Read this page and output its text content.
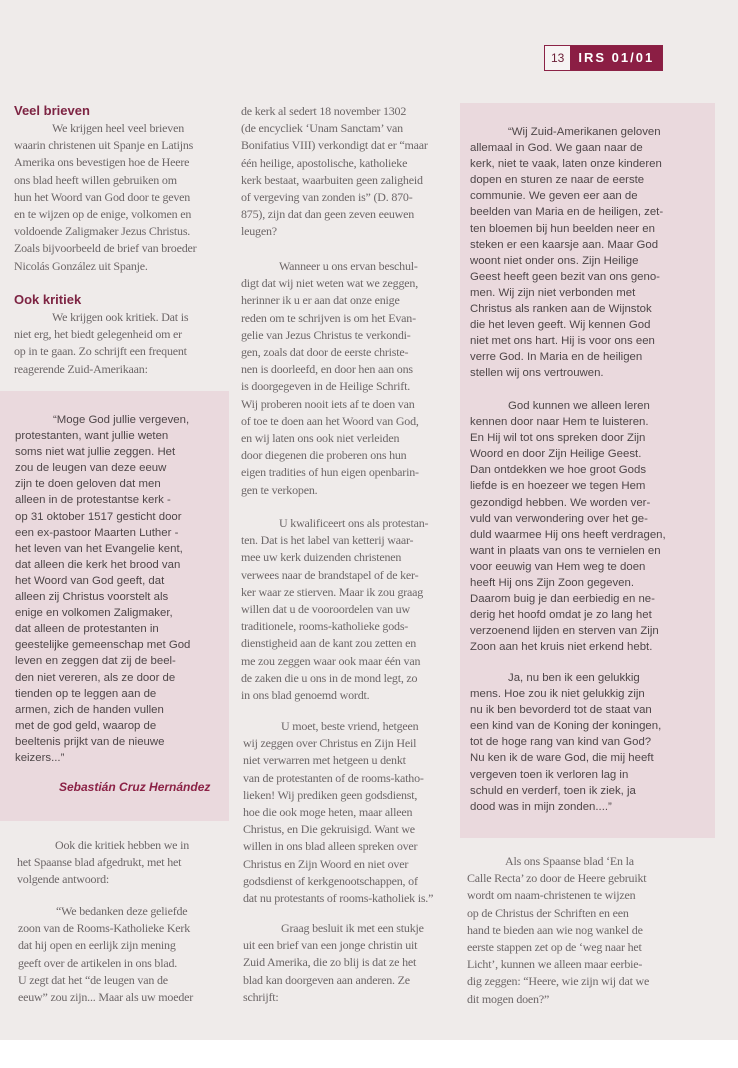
13	IRS 01/01
Veel brieven
We krijgen heel veel brieven
waarin christenen uit Spanje en Latijns
Amerika ons bevestigen hoe de Heere
ons blad heeft willen gebruiken om
hun het Woord van God door te geven
en te wijzen op de enige, volkomen en
voldoende Zaligmaker Jezus Christus.
Zoals bijvoorbeeld de brief van broeder
Nicolás González uit Spanje.
Ook kritiek
We krijgen ook kritiek. Dat is
niet erg, het biedt gelegenheid om er
op in te gaan. Zo schrijft een frequent
reagerende Zuid-Amerikaan:
“Moge God jullie vergeven,
protestanten, want jullie weten
soms niet wat jullie zeggen. Het
zou de leugen van deze eeuw
zijn te doen geloven dat men
alleen in de protestantse kerk -
op 31 oktober 1517 gesticht door
een ex-pastoor Maarten Luther -
het leven van het Evangelie kent,
dat alleen die kerk het brood van
het Woord van God geeft, dat
alleen zij Christus voorstelt als
enige en volkomen Zaligmaker,
dat alleen de protestanten in
geestelijke gemeenschap met God
leven en zeggen dat zij de beel-
den niet vereren, als ze door de
tienden op te leggen aan de
armen, zich de handen vullen
met de god geld, waarop de
beeltenis prijkt van de nieuwe
keizers...”
Sebastián Cruz Hernández
Ook die kritiek hebben we in
het Spaanse blad afgedrukt, met het
volgende antwoord:
“We bedanken deze geliefde
zoon van de Rooms-Katholieke Kerk
dat hij open en eerlijk zijn mening
geeft over de artikelen in ons blad.
U zegt dat het “de leugen van de
eeuw” zou zijn... Maar als uw moeder
de kerk al sedert 18 november 1302
(de encycliek ‘Unam Sanctam’ van
Bonifatius VIII) verkondigt dat er “maar
één heilige, apostolische, katholieke
kerk bestaat, waarbuiten geen zaligheid
of vergeving van zonden is” (D. 870-
875), zijn dat dan geen zeven eeuwen
leugen?
Wanneer u ons ervan beschul-
digt dat wij niet weten wat we zeggen,
herinner ik u er aan dat onze enige
reden om te schrijven is om het Evan-
gelie van Jezus Christus te verkondi-
gen, zoals dat door de eerste christe-
nen is doorleefd, en door hen aan ons
is doorgegeven in de Heilige Schrift.
Wij proberen nooit iets af te doen van
of toe te doen aan het Woord van God,
en wij laten ons ook niet verleiden
door diegenen die proberen ons hun
eigen tradities of hun eigen openbarin-
gen te verkopen.
U kwalificeert ons als protestan-
ten. Dat is het label van ketterij waar-
mee uw kerk duizenden christenen
verwees naar de brandstapel of de ker-
ker waar ze stierven. Maar ik zou graag
willen dat u de vooroordelen van uw
traditionele, rooms-katholieke gods-
dienstigheid aan de kant zou zetten en
me zou zeggen waar ook maar één van
de zaken die u ons in de mond legt, zo
in ons blad genoemd wordt.
U moet, beste vriend, hetgeen
wij zeggen over Christus en Zijn Heil
niet verwarren met hetgeen u denkt
van de protestanten of de rooms-katho-
lieken! Wij prediken geen godsdienst,
hoe die ook moge heten, maar alleen
Christus, en Die gekruisigd. Want we
willen in ons blad alleen spreken over
Christus en Zijn Woord en niet over
godsdienst of kerkgenootschappen, of
dat nu protestants of rooms-katholiek is.”
Graag besluit ik met een stukje
uit een brief van een jonge christin uit
Zuid Amerika, die zo blij is dat ze het
blad kan doorgeven aan anderen. Ze
schrijft:
“Wij Zuid-Amerikanen geloven
allemaal in God. We gaan naar de
kerk, niet te vaak, laten onze kinderen
dopen en sturen ze naar de eerste
communie. We geven eer aan de
beelden van Maria en de heiligen, zet-
ten bloemen bij hun beelden neer en
steken er een kaarsje aan. Maar God
woont niet onder ons. Zijn Heilige
Geest heeft geen bezit van ons geno-
men. Wij zijn niet verbonden met
Christus als ranken aan de Wijnstok
die het leven geeft. Wij kennen God
niet met ons hart. Hij is voor ons een
verre God. In Maria en de heiligen
stellen wij ons vertrouwen.
God kunnen we alleen leren
kennen door naar Hem te luisteren.
En Hij wil tot ons spreken door Zijn
Woord en door Zijn Heilige Geest.
Dan ontdekken we hoe groot Gods
liefde is en hoezeer we tegen Hem
gezondigd hebben. We worden ver-
vuld van verwondering over het ge-
duld waarmee Hij ons heeft verdragen,
want in plaats van ons te vernielen en
voor eeuwig van Hem weg te doen
heeft Hij ons Zijn Zoon gegeven.
Daarom buig je dan eerbiedig en ne-
derig het hoofd omdat je zo lang het
verzoenend lijden en sterven van Zijn
Zoon aan het kruis niet erkend hebt.
Ja, nu ben ik een gelukkig
mens. Hoe zou ik niet gelukkig zijn
nu ik ben bevorderd tot de staat van
een kind van de Koning der koningen,
tot de hoge rang van kind van God?
Nu ken ik de ware God, die mij heeft
vergeven toen ik verloren lag in
schuld en verderf, toen ik ziek, ja
dood was in mijn zonden....”
Als ons Spaanse blad ‘En la
Calle Recta’ zo door de Heere gebruikt
wordt om naam-christenen te wijzen
op de Christus der Schriften en een
hand te bieden aan wie nog wankel de
eerste stappen zet op de ‘weg naar het
Licht’, kunnen we alleen maar eerbie-
dig zeggen: “Heere, wie zijn wij dat we
dit mogen doen?”
